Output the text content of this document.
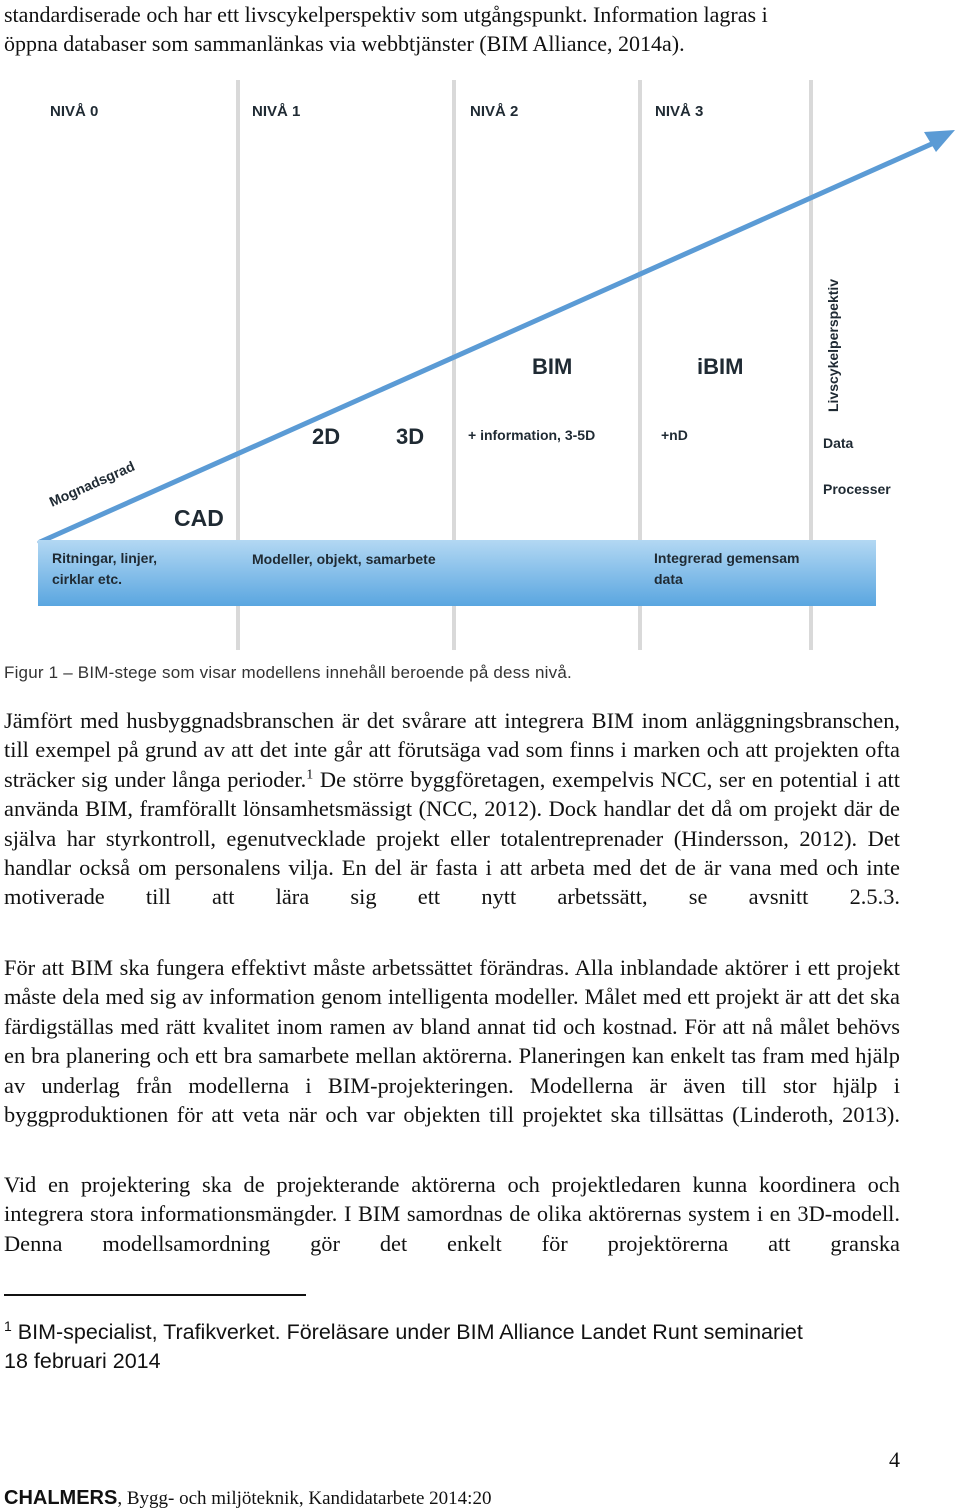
standardiserade och har ett livscykelperspektiv som utgångspunkt. Information lagras i
öppna databaser som sammanlänkas via webbtjänster (BIM Alliance, 2014a).
NIVÅ 0	NIVÅ 1	NIVÅ 2	NIVÅ 3
Mognadsgrad
Livscykelperspektiv
CAD
2D	3D
BIM	iBIM
+ information, 3-5D	+nD	Data
Processer
Ritningar, linjer,
cirklar etc.
Modeller, objekt, samarbete	Integrerad gemensam
data
Figur 1 – BIM-stege som visar modellens innehåll beroende på dess nivå.
Jämfört med husbyggnadsbranschen är det svårare att integrera BIM inom anläggningsbranschen, till exempel på grund av att det inte går att förutsäga vad som finns i marken och att projekten ofta sträcker sig under långa perioder.$^1$ De större byggföretagen, exempelvis NCC, ser en potential i att använda BIM, framförallt lönsamhetsmässigt (NCC, 2012). Dock handlar det då om projekt där de själva har styrkontroll, egenutvecklade projekt eller totalentreprenader (Hindersson, 2012). Det handlar också om personalens vilja. En del är fasta i att arbeta med det de är vana med och inte motiverade till att lära sig ett nytt arbetssätt, se avsnitt 2.5.3.
För att BIM ska fungera effektivt måste arbetssättet förändras. Alla inblandade aktörer i ett projekt måste dela med sig av information genom intelligenta modeller. Målet med ett projekt är att det ska färdigställas med rätt kvalitet inom ramen av bland annat tid och kostnad. För att nå målet behövs en bra planering och ett bra samarbete mellan aktörerna. Planeringen kan enkelt tas fram med hjälp av underlag från modellerna i BIM-projekteringen. Modellerna är även till stor hjälp i byggproduktionen för att veta när och var objekten till projektet ska tillsättas (Linderoth, 2013).
Vid en projektering ska de projekterande aktörerna och projektledaren kunna koordinera och integrera stora informationsmängder. I BIM samordnas de olika aktörernas system i en 3D-modell. Denna modellsamordning gör det enkelt för projektörerna att granska
$^1$ BIM-specialist, Trafikverket. Föreläsare under BIM Alliance Landet Runt seminariet
18 februari 2014
4
CHALMERS, Bygg- och miljöteknik, Kandidatarbete 2014:20
